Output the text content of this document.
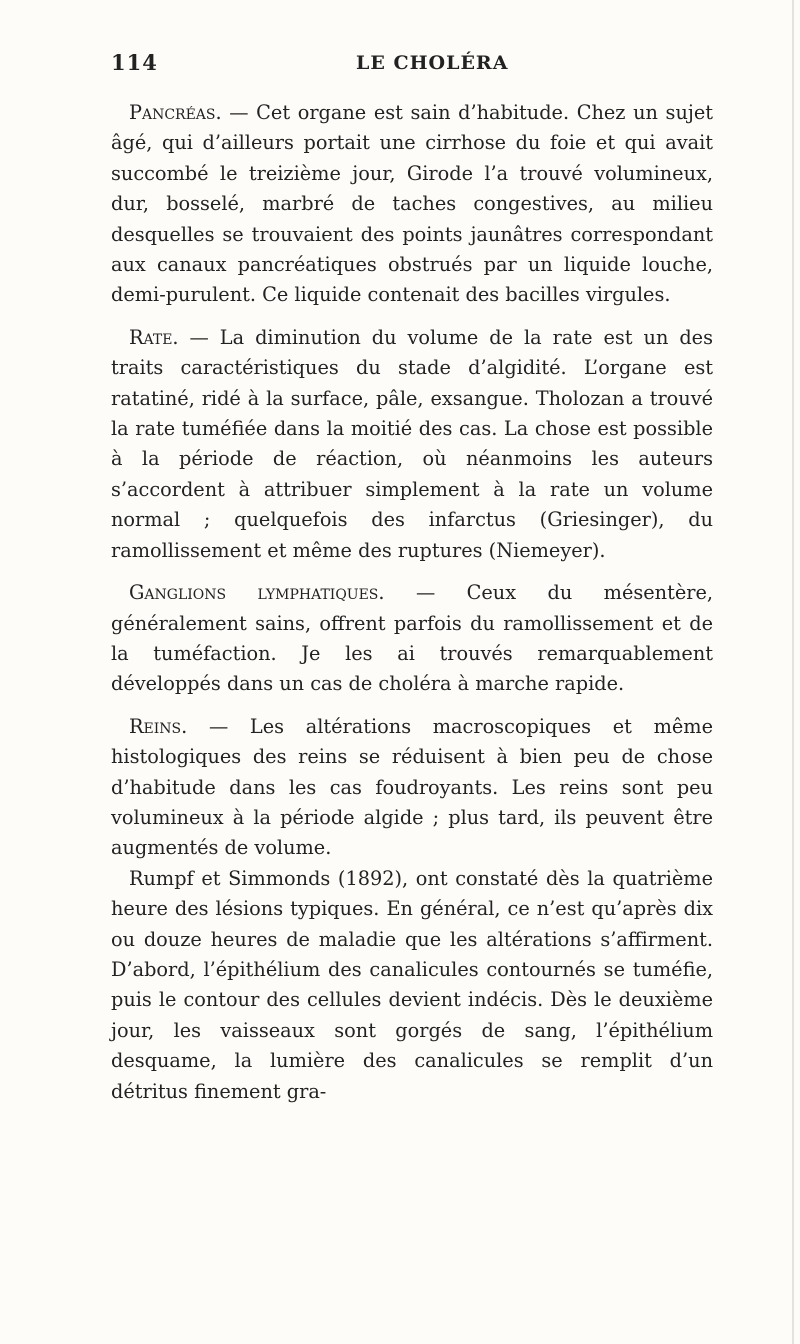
114	LE CHOLÉRA

Pancréas. — Cet organe est sain d’habitude. Chez un sujet âgé, qui d’ailleurs portait une cirrhose du foie et qui avait succombé le treizième jour, Girode l’a trouvé volumineux, dur, bosselé, marbré de taches congestives, au milieu desquelles se trouvaient des points jaunâtres correspondant aux canaux pancréatiques obstrués par un liquide louche, demi-purulent. Ce liquide contenait des bacilles virgules.

Rate. — La diminution du volume de la rate est un des traits caractéristiques du stade d’algidité. L’organe est ratatiné, ridé à la surface, pâle, exsangue. Tholozan a trouvé la rate tuméfiée dans la moitié des cas. La chose est possible à la période de réaction, où néanmoins les auteurs s’accordent à attribuer simplement à la rate un volume normal ; quelquefois des infarctus (Griesinger), du ramollissement et même des ruptures (Niemeyer).

Ganglions lymphatiques. — Ceux du mésentère, généralement sains, offrent parfois du ramollissement et de la tuméfaction. Je les ai trouvés remarquablement développés dans un cas de choléra à marche rapide.

Reins. — Les altérations macroscopiques et même histologiques des reins se réduisent à bien peu de chose d’habitude dans les cas foudroyants. Les reins sont peu volumineux à la période algide ; plus tard, ils peuvent être augmentés de volume.

Rumpf et Simmonds (1892), ont constaté dès la quatrième heure des lésions typiques. En général, ce n’est qu’après dix ou douze heures de maladie que les altérations s’affirment. D’abord, l’épithélium des canalicules contournés se tuméfie, puis le contour des cellules devient indécis. Dès le deuxième jour, les vaisseaux sont gorgés de sang, l’épithélium desquame, la lumière des canalicules se remplit d’un détritus finement gra-
